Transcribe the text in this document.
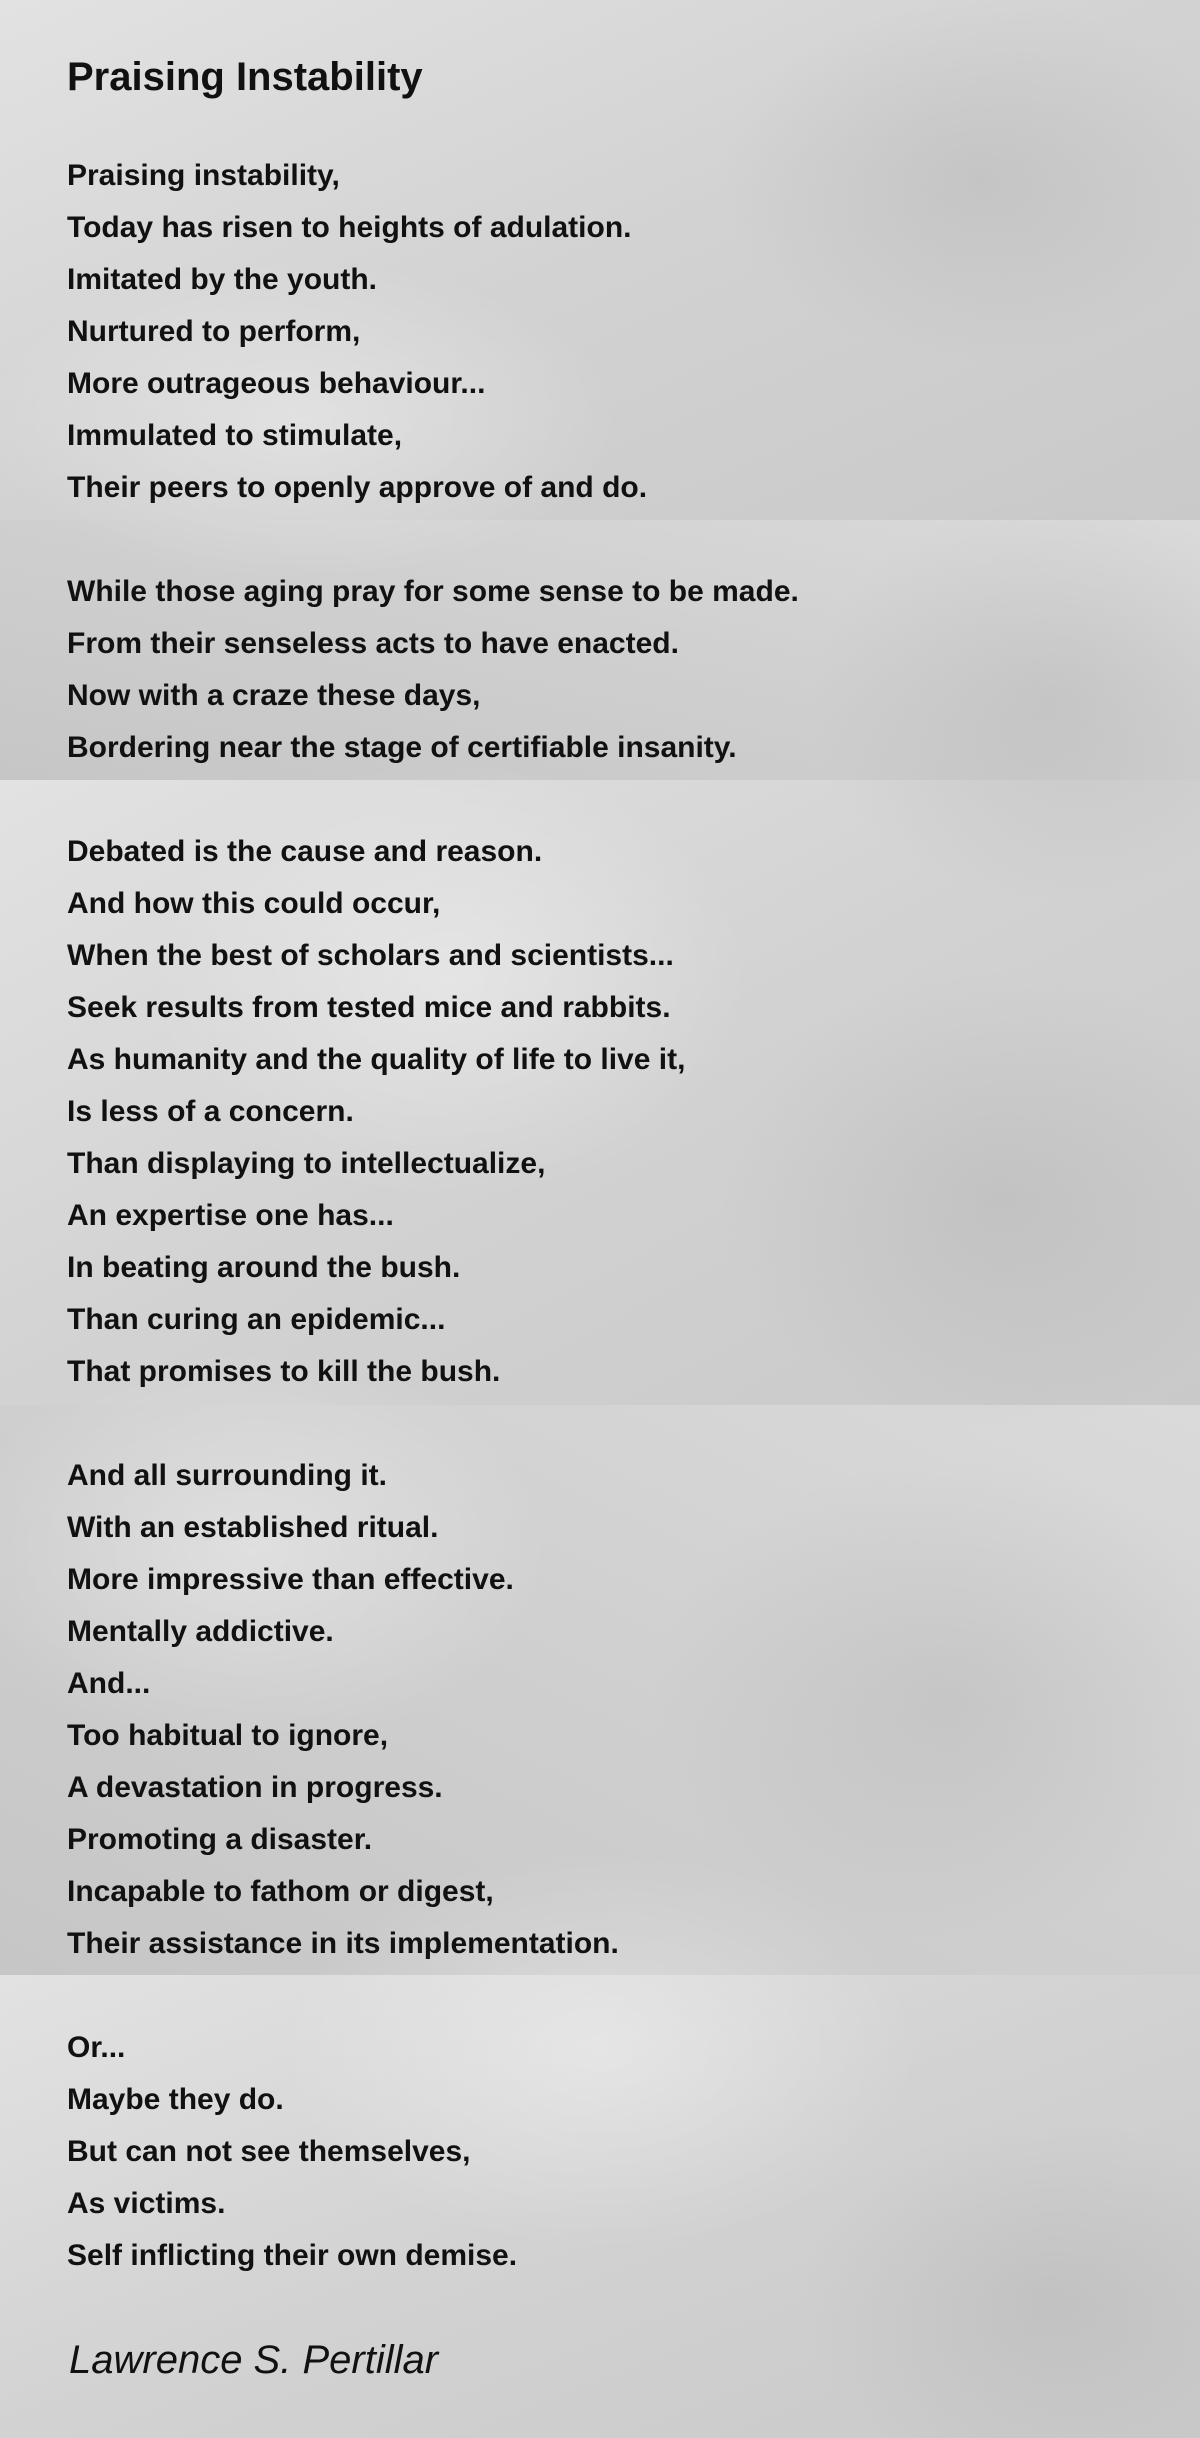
Praising Instability
Praising instability,
Today has risen to heights of adulation.
Imitated by the youth.
Nurtured to perform,
More outrageous behaviour...
Immulated to stimulate,
Their peers to openly approve of and do.
While those aging pray for some sense to be made.
From their senseless acts to have enacted.
Now with a craze these days,
Bordering near the stage of certifiable insanity.
Debated is the cause and reason.
And how this could occur,
When the best of scholars and scientists...
Seek results from tested mice and rabbits.
As humanity and the quality of life to live it,
Is less of a concern.
Than displaying to intellectualize,
An expertise one has...
In beating around the bush.
Than curing an epidemic...
That promises to kill the bush.
And all surrounding it.
With an established ritual.
More impressive than effective.
Mentally addictive.
And...
Too habitual to ignore,
A devastation in progress.
Promoting a disaster.
Incapable to fathom or digest,
Their assistance in its implementation.
Or...
Maybe they do.
But can not see themselves,
As victims.
Self inflicting their own demise.
Lawrence S. Pertillar
